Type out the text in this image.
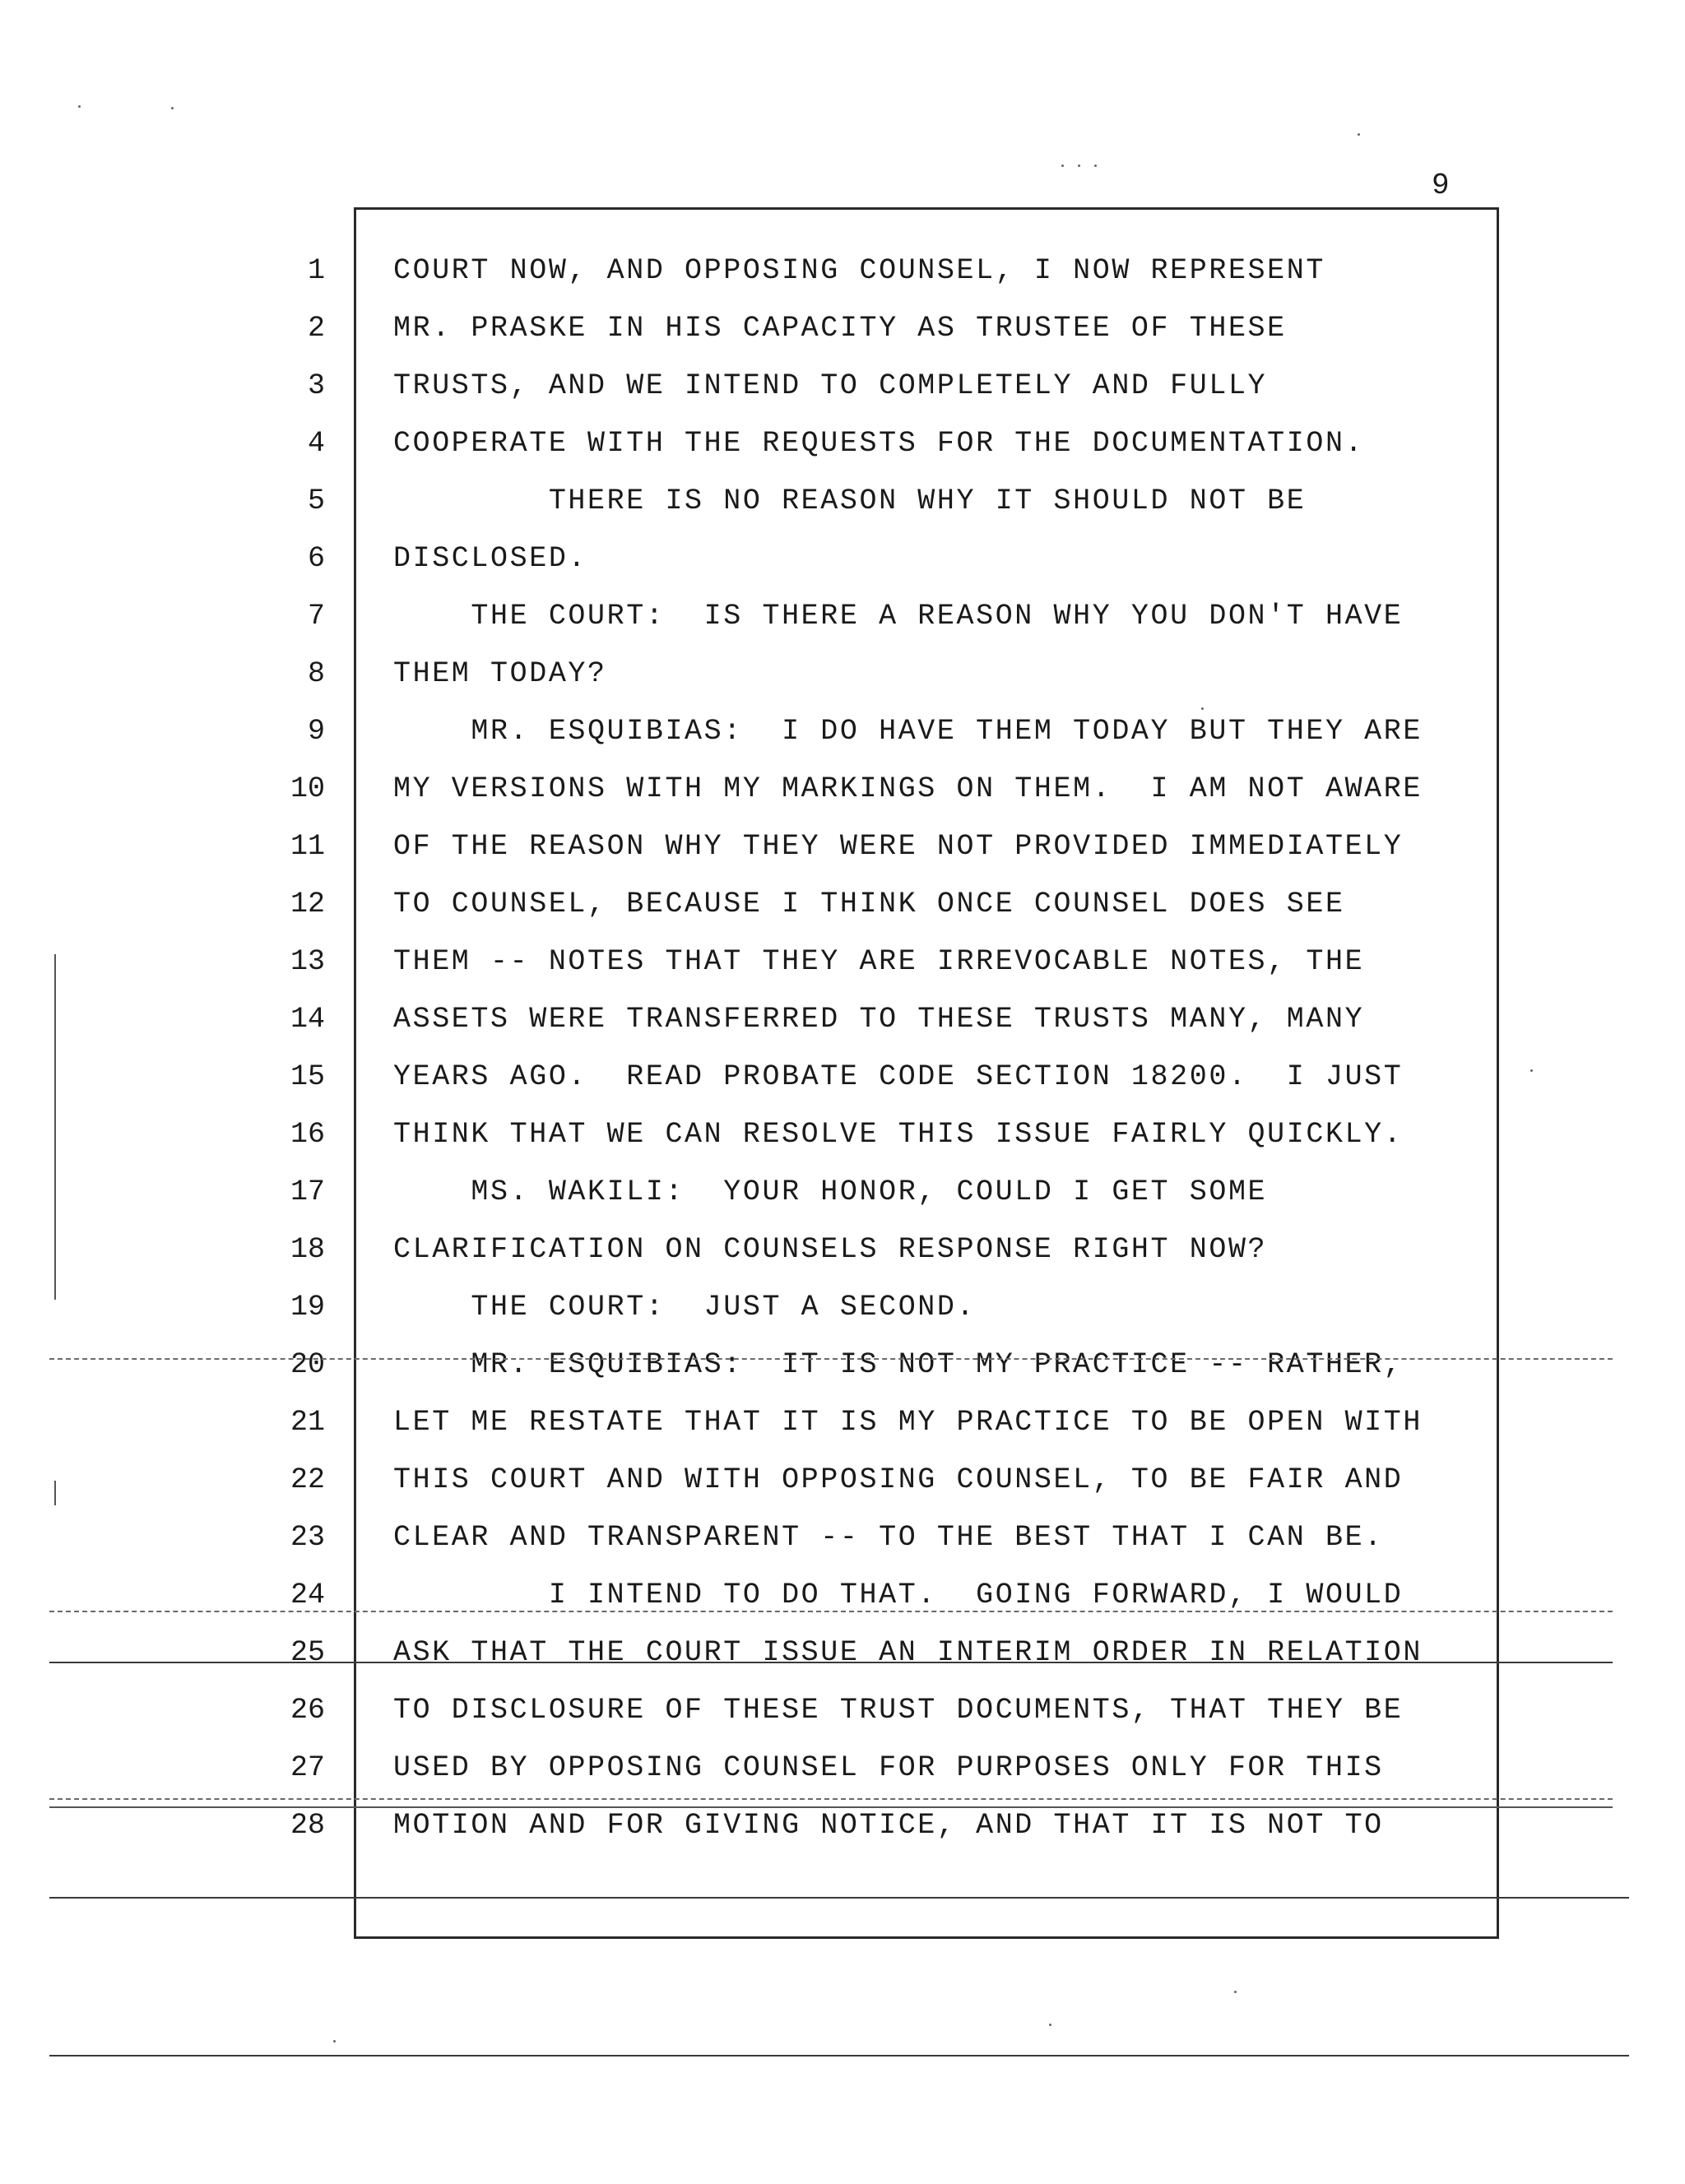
9
1 COURT NOW, AND OPPOSING COUNSEL, I NOW REPRESENT
2 MR. PRASKE IN HIS CAPACITY AS TRUSTEE OF THESE
3 TRUSTS, AND WE INTEND TO COMPLETELY AND FULLY
4 COOPERATE WITH THE REQUESTS FOR THE DOCUMENTATION.
5 THERE IS NO REASON WHY IT SHOULD NOT BE
6 DISCLOSED.
7 THE COURT:  IS THERE A REASON WHY YOU DON'T HAVE
8 THEM TODAY?
9 MR. ESQUIBIAS:  I DO HAVE THEM TODAY BUT THEY ARE
10 MY VERSIONS WITH MY MARKINGS ON THEM.  I AM NOT AWARE
11 OF THE REASON WHY THEY WERE NOT PROVIDED IMMEDIATELY
12 TO COUNSEL, BECAUSE I THINK ONCE COUNSEL DOES SEE
13 THEM -- NOTES THAT THEY ARE IRREVOCABLE NOTES, THE
14 ASSETS WERE TRANSFERRED TO THESE TRUSTS MANY, MANY
15 YEARS AGO.  READ PROBATE CODE SECTION 18200.  I JUST
16 THINK THAT WE CAN RESOLVE THIS ISSUE FAIRLY QUICKLY.
17 MS. WAKILI:  YOUR HONOR, COULD I GET SOME
18 CLARIFICATION ON COUNSELS RESPONSE RIGHT NOW?
19 THE COURT:  JUST A SECOND.
20 MR. ESQUIBIAS:  IT IS NOT MY PRACTICE -- RATHER,
21 LET ME RESTATE THAT IT IS MY PRACTICE TO BE OPEN WITH
22 THIS COURT AND WITH OPPOSING COUNSEL, TO BE FAIR AND
23 CLEAR AND TRANSPARENT -- TO THE BEST THAT I CAN BE.
24 I INTEND TO DO THAT.  GOING FORWARD, I WOULD
25 ASK THAT THE COURT ISSUE AN INTERIM ORDER IN RELATION
26 TO DISCLOSURE OF THESE TRUST DOCUMENTS, THAT THEY BE
27 USED BY OPPOSING COUNSEL FOR PURPOSES ONLY FOR THIS
28 MOTION AND FOR GIVING NOTICE, AND THAT IT IS NOT TO
